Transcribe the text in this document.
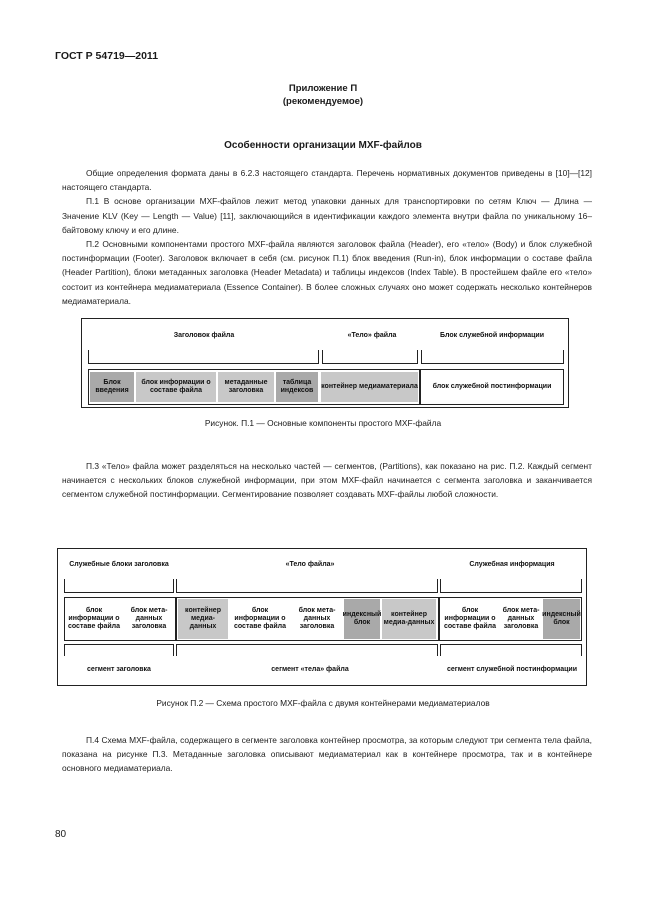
ГОСТ Р 54719—2011
Приложение П
(рекомендуемое)
Особенности организации MXF-файлов

Общие определения формата даны в 6.2.3 настоящего стандарта. Перечень нормативных документов приведены в [10]—[12] настоящего стандарта.

П.1 В основе организации MXF-файлов лежит метод упаковки данных для транспортировки по сетям Ключ — Длина — Значение KLV (Key — Length — Value) [11], заключающийся в идентификации каждого элемента внутри файла по уникальному 16–байтовому ключу и его длине.

П.2 Основными компонентами простого MXF-файла являются заголовок файла (Header), его «тело» (Body) и блок служебной постинформации (Footer). Заголовок включает в себя (см. рисунок П.1) блок введения (Run-in), блок информации о составе файла (Header Partition), блоки метаданных заголовка (Header Metadata) и таблицы индексов (Index Table). В простейшем файле его «тело» состоит из контейнера медиаматериала (Essence Container). В более сложных случаях оно может содержать несколько контейнеров медиаматериала.

Заголовок файла	«Тело» файла	Блок служебной информации
Блок введения
блок информации о составе файла
метаданные заголовка
таблица индексов
контейнер медиаматериала	блок служебной постинформации
Рисунок. П.1 — Основные компоненты простого MXF-файла

П.3 «Тело» файла может разделяться на несколько частей — сегментов, (Partitions), как показано на рис. П.2. Каждый сегмент начинается с нескольких блоков служебной информации, при этом MXF-файл начинается с сегмента заголовка и заканчивается сегментом служебной постинформации. Сегментирование позволяет создавать MXF-файлы любой сложности.

Служебные блоки заголовка	«Тело файла»	Служебная информация
блок информации о составе файла
блок мета-данных заголовка
контейнер медиа-данных
блок информации о составе файла
блок мета-данных заголовка
индексный блок
контейнер медиа-данных
блок информации о составе файла
блок мета-данных заголовка
индексный блок
сегмент заголовка	сегмент «тела» файла	сегмент служебной постинформации
Рисунок П.2 — Схема простого MXF-файла с двумя контейнерами медиаматериалов

П.4 Схема MXF-файла, содержащего в сегменте заголовка контейнер просмотра, за которым следуют три сегмента тела файла, показана на рисунке П.3. Метаданные заголовка описывают медиаматериал как в контейнере просмотра, так и в контейнере основного медиаматериала.

80
